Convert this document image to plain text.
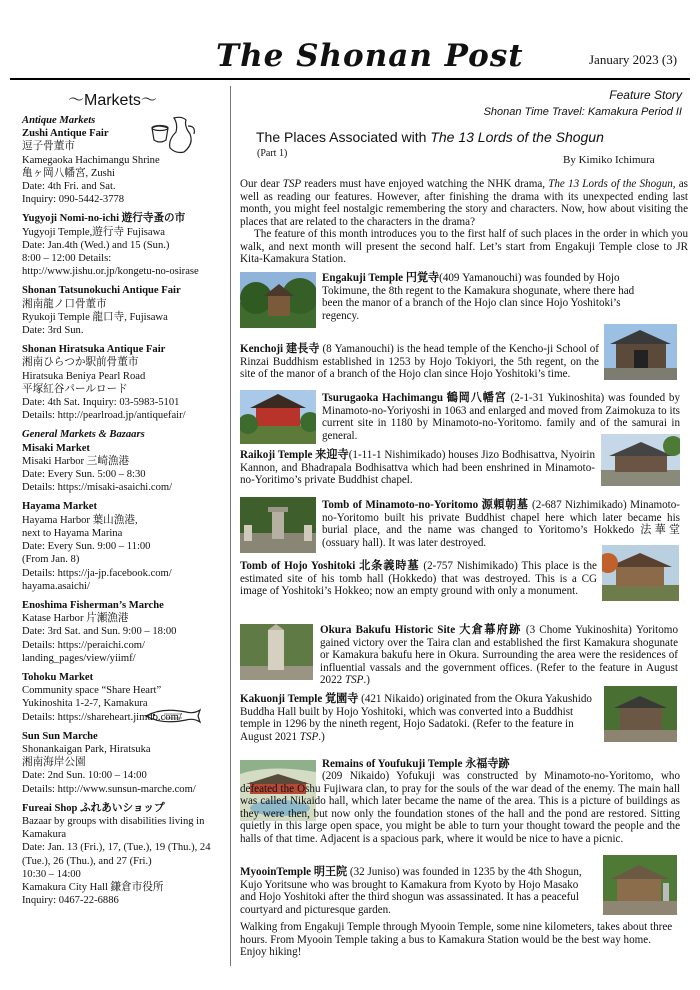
The Shonan Post	January 2023 (3)
〜Markets〜	Feature Story
Shonan Time Travel: Kamakura Period II
The Places Associated with The 13 Lords of the Shogun
(Part 1)
By Kimiko Ichimura
Antique Markets
Zushi Antique Fair
逗子骨董市
Kamegaoka Hachimangu Shrine
亀ヶ岡八幡宮, Zushi
Date: 4th Fri. and Sat.
Inquiry: 090-5442-3778
Yugyoji Nomi-no-ichi 遊行寺蚤の市
Yugyoji Temple,遊行寺 Fujisawa
Date: Jan.4th (Wed.) and 15 (Sun.)
8:00 – 12:00 Details:
http://www.jishu.or.jp/kongetu-no-osirase
Shonan Tatsunokuchi Antique Fair
湘南龍ノ口骨董市
Ryukoji Temple 龍口寺, Fujisawa
Date: 3rd Sun.
Shonan Hiratsuka Antique Fair
湘南ひらつか駅前骨董市
Hiratsuka Beniya Pearl Road
平塚紅谷パールロード
Date: 4th Sat. Inquiry: 03-5983-5101
Details: http://pearlroad.jp/antiquefair/
General Markets & Bazaars
Misaki Market
Misaki Harbor 三崎漁港
Date: Every Sun. 5:00 – 8:30
Details: https://misaki-asaichi.com/
Hayama Market
Hayama Harbor 葉山漁港,
next to Hayama Marina
Date: Every Sun. 9:00 – 11:00
(From Jan. 8)
Details: https://ja-jp.facebook.com/
hayama.asaichi/
Enoshima Fisherman’s Marche
Katase Harbor 片瀬漁港
Date: 3rd Sat. and Sun. 9:00 – 18:00
Details: https://peraichi.com/
landing_pages/view/yiimf/
Tohoku Market
Community space “Share Heart”
Yukinoshita 1-2-7, Kamakura
Details: https://shareheart.jimdo.com/
Sun Sun Marche
Shonankaigan Park, Hiratsuka
湘南海岸公園
Date: 2nd Sun. 10:00 – 14:00
Details: http://www.sunsun-marche.com/
Fureai Shop ふれあいショップ
Bazaar by groups with disabilities living in Kamakura
Date: Jan. 13 (Fri.), 17, (Tue.), 19 (Thu.), 24 (Tue.), 26 (Thu.), and 27 (Fri.)
10:30 – 14:00
Kamakura City Hall 鎌倉市役所
Inquiry: 0467-22-6886
Our dear TSP readers must have enjoyed watching the NHK drama, The 13 Lords of the Shogun, as well as reading our features. However, after finishing the drama with its unexpected ending last month, you might feel nostalgic remembering the story and characters. Now, how about visiting the places that are related to the characters in the drama?
The feature of this month introduces you to the first half of such places in the order in which you walk, and next month will present the second half. Let’s start from Engakuji Temple close to JR Kita-Kamakura Station.
Engakuji Temple 円覚寺(409 Yamanouchi) was founded by Hojo Tokimune, the 8th regent to the Kamakura shogunate, where there had been the manor of a branch of the Hojo clan since Hojo Yoshitoki’s regency.
Kenchoji 建長寺 (8 Yamanouchi) is the head temple of the Kencho-ji School of Rinzai Buddhism established in 1253 by Hojo Tokiyori, the 5th regent, on the site of the manor of a branch of the Hojo clan since Hojo Yoshitoki’s time.
Tsurugaoka Hachimangu 鶴岡八幡宮 (2-1-31 Yukinoshita) was founded by Minamoto-no-Yoriyoshi in 1063 and enlarged and moved from Zaimokuza to its current site in 1180 by Minamoto-no-Yoritomo. family and of the samurai in general.
Raikoji Temple 来迎寺(1-11-1 Nishimikado) houses Jizo Bodhisattva, Nyoirin Kannon, and Bhadrapala Bodhisattva which had been enshrined in Minamoto-no-Yoritimo’s private Buddhist chapel.
Tomb of Minamoto-no-Yoritomo 源頼朝墓 (2-687 Nizhimikado) Minamoto-no-Yoritomo built his private Buddhist chapel here which later became his burial place, and the name was changed to Yoritomo’s Hokkedo 法華堂 (ossuary hall). It was later destroyed.
Tomb of Hojo Yoshitoki 北条義時墓 (2-757 Nishimikado) This place is the estimated site of his tomb hall (Hokkedo) that was destroyed. This is a CG image of Yoshitoki’s Hokkeo; now an empty ground with only a monument.
Okura Bakufu Historic Site 大倉幕府跡 (3 Chome Yukinoshita) Yoritomo gained victory over the Taira clan and established the first Kamakura shogunate or Kamakura bakufu here in Okura. Surrounding the area were the residences of influential vassals and the government offices. (Refer to the feature in August 2022 TSP.)
Kakuonji Temple 覚園寺 (421 Nikaido) originated from the Okura Yakushido Buddha Hall built by Hojo Yoshitoki, which was converted into a Buddhist temple in 1296 by the nineth regent, Hojo Sadatoki. (Refer to the feature in August 2021 TSP.)
Remains of Youfukuji Temple 永福寺跡
(209 Nikaido) Yofukuji was constructed by Minamoto-no-Yoritomo, who defeated the Oshu Fujiwara clan, to pray for the souls of the war dead of the enemy. The main hall was called Nikaido hall, which later became the name of the area. This is a picture of buildings as they were then, but now only the foundation stones of the hall and the pond are restored. Sitting quietly in this large open space, you might be able to turn your thought toward the people and the halls of that time. Adjacent is a spacious park, where it would be nice to have a picnic.
MyooinTemple 明王院 (32 Juniso) was founded in 1235 by the 4th Shogun, Kujo Yoritsune who was brought to Kamakura from Kyoto by Hojo Masako and Hojo Yoshitoki after the third shogun was assassinated. It has a peaceful courtyard and picturesque garden.
Walking from Engakuji Temple through Myooin Temple, some nine kilometers, takes about three hours. From Myooin Temple taking a bus to Kamakura Station would be the best way home. Enjoy hiking!
